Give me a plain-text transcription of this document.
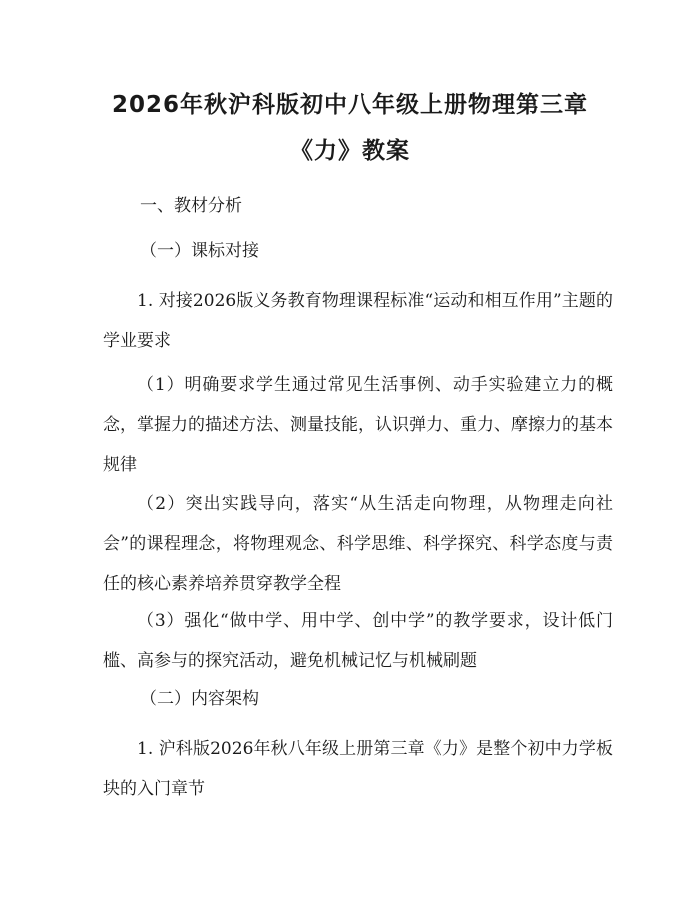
2026年秋沪科版初中八年级上册物理第三章
《力》教案

一、教材分析

（一）课标对接

1. 对接2026版义务教育物理课程标准“运动和相互作用”主题的学业要求

（1）明确要求学生通过常见生活事例、动手实验建立力的概念，掌握力的描述方法、测量技能，认识弹力、重力、摩擦力的基本规律

（2）突出实践导向，落实“从生活走向物理，从物理走向社会”的课程理念，将物理观念、科学思维、科学探究、科学态度与责任的核心素养培养贯穿教学全程

（3）强化“做中学、用中学、创中学”的教学要求，设计低门槛、高参与的探究活动，避免机械记忆与机械刷题

（二）内容架构

1. 沪科版2026年秋八年级上册第三章《力》是整个初中力学板块的入门章节
